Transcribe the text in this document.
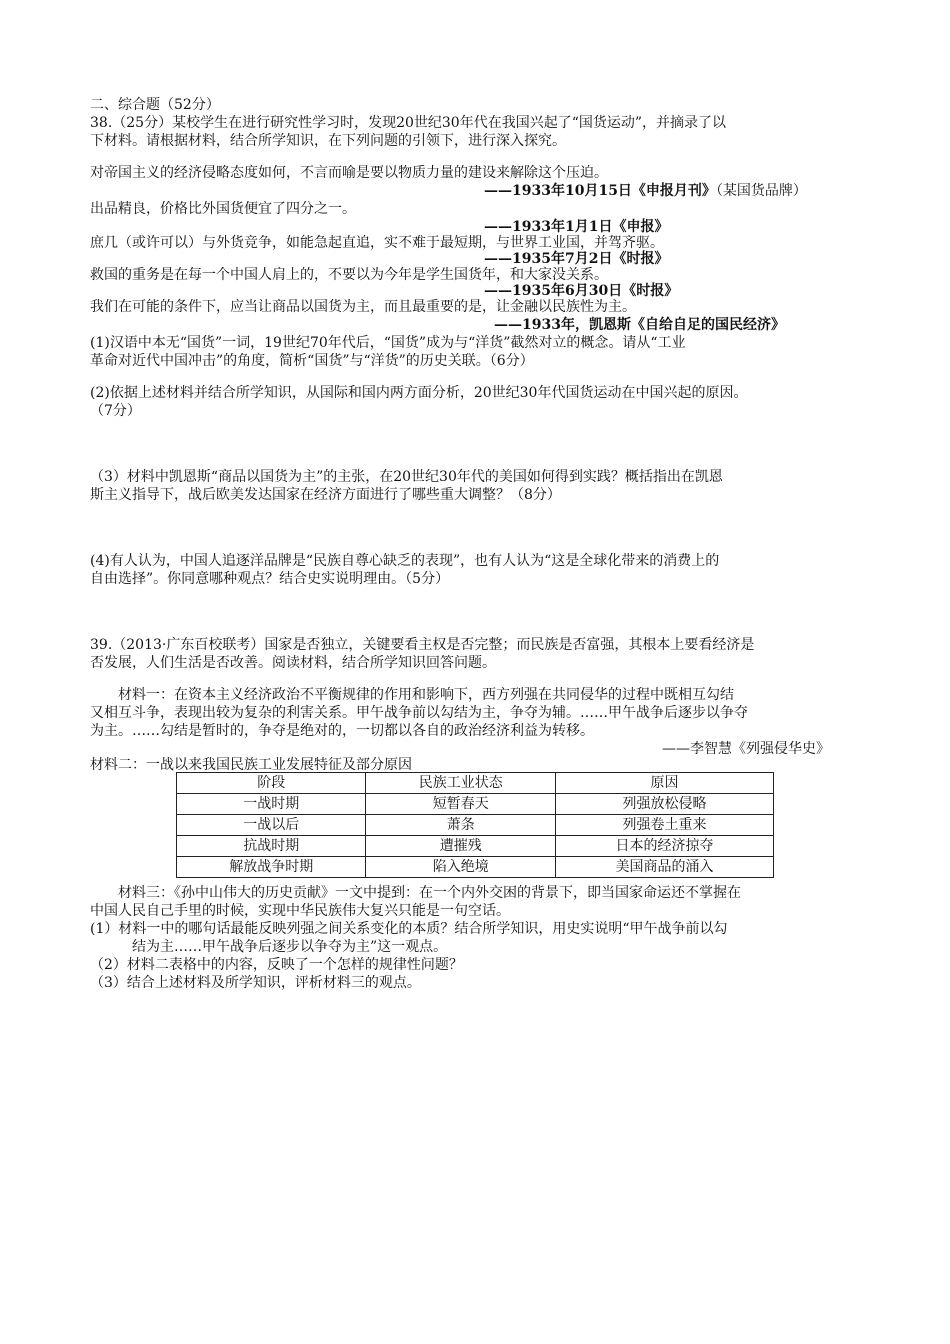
二、综合题（52分）
38.（25分）某校学生在进行研究性学习时，发现20世纪30年代在我国兴起了“国货运动”，并摘录了以
下材料。请根据材料，结合所学知识，在下列问题的引领下，进行深入探究。
对帝国主义的经济侵略态度如何，不言而喻是要以物质力量的建设来解除这个压迫。
——1933年10月15日《申报月刊》（某国货品牌）
出品精良，价格比外国货便宜了四分之一。
——1933年1月1日《申报》
庶几（或许可以）与外货竞争，如能急起直追，实不难于最短期，与世界工业国，并驾齐驱。
——1935年7月2日《时报》
救国的重务是在每一个中国人肩上的，不要以为今年是学生国货年，和大家没关系。
——1935年6月30日《时报》
我们在可能的条件下，应当让商品以国货为主，而且最重要的是，让金融以民族性为主。
——1933年，凯恩斯《自给自足的国民经济》
(1)汉语中本无“国货”一词，19世纪70年代后，“国货”成为与“洋货”截然对立的概念。请从“工业
革命对近代中国冲击”的角度，简析“国货”与“洋货”的历史关联。（6分）
(2)依据上述材料并结合所学知识，从国际和国内两方面分析，20世纪30年代国货运动在中国兴起的原因。
（7分）
（3）材料中凯恩斯“商品以国货为主”的主张，在20世纪30年代的美国如何得到实践？概括指出在凯恩
斯主义指导下，战后欧美发达国家在经济方面进行了哪些重大调整？（8分）
(4)有人认为，中国人追逐洋品牌是“民族自尊心缺乏的表现”，也有人认为“这是全球化带来的消费上的
自由选择”。你同意哪种观点？结合史实说明理由。（5分）
39.（2013·广东百校联考）国家是否独立，关键要看主权是否完整；而民族是否富强，其根本上要看经济是
否发展，人们生活是否改善。阅读材料，结合所学知识回答问题。
材料一：在资本主义经济政治不平衡规律的作用和影响下，西方列强在共同侵华的过程中既相互勾结
又相互斗争，表现出较为复杂的利害关系。甲午战争前以勾结为主，争夺为辅。……甲午战争后逐步以争夺
为主。……勾结是暂时的，争夺是绝对的，一切都以各自的政治经济利益为转移。
——李智慧《列强侵华史》
材料二：一战以来我国民族工业发展特征及部分原因
阶段	民族工业状态	原因
一战时期	短暂春天	列强放松侵略
一战以后	萧条	列强卷土重来
抗战时期	遭摧残	日本的经济掠夺
解放战争时期	陷入绝境	美国商品的涌入
材料三：《孙中山伟大的历史贡献》一文中提到：在一个内外交困的背景下，即当国家命运还不掌握在
中国人民自己手里的时候，实现中华民族伟大复兴只能是一句空话。
(1）材料一中的哪句话最能反映列强之间关系变化的本质？结合所学知识，用史实说明“甲午战争前以勾
结为主……甲午战争后逐步以争夺为主”这一观点。
（2）材料二表格中的内容，反映了一个怎样的规律性问题？
（3）结合上述材料及所学知识，评析材料三的观点。
